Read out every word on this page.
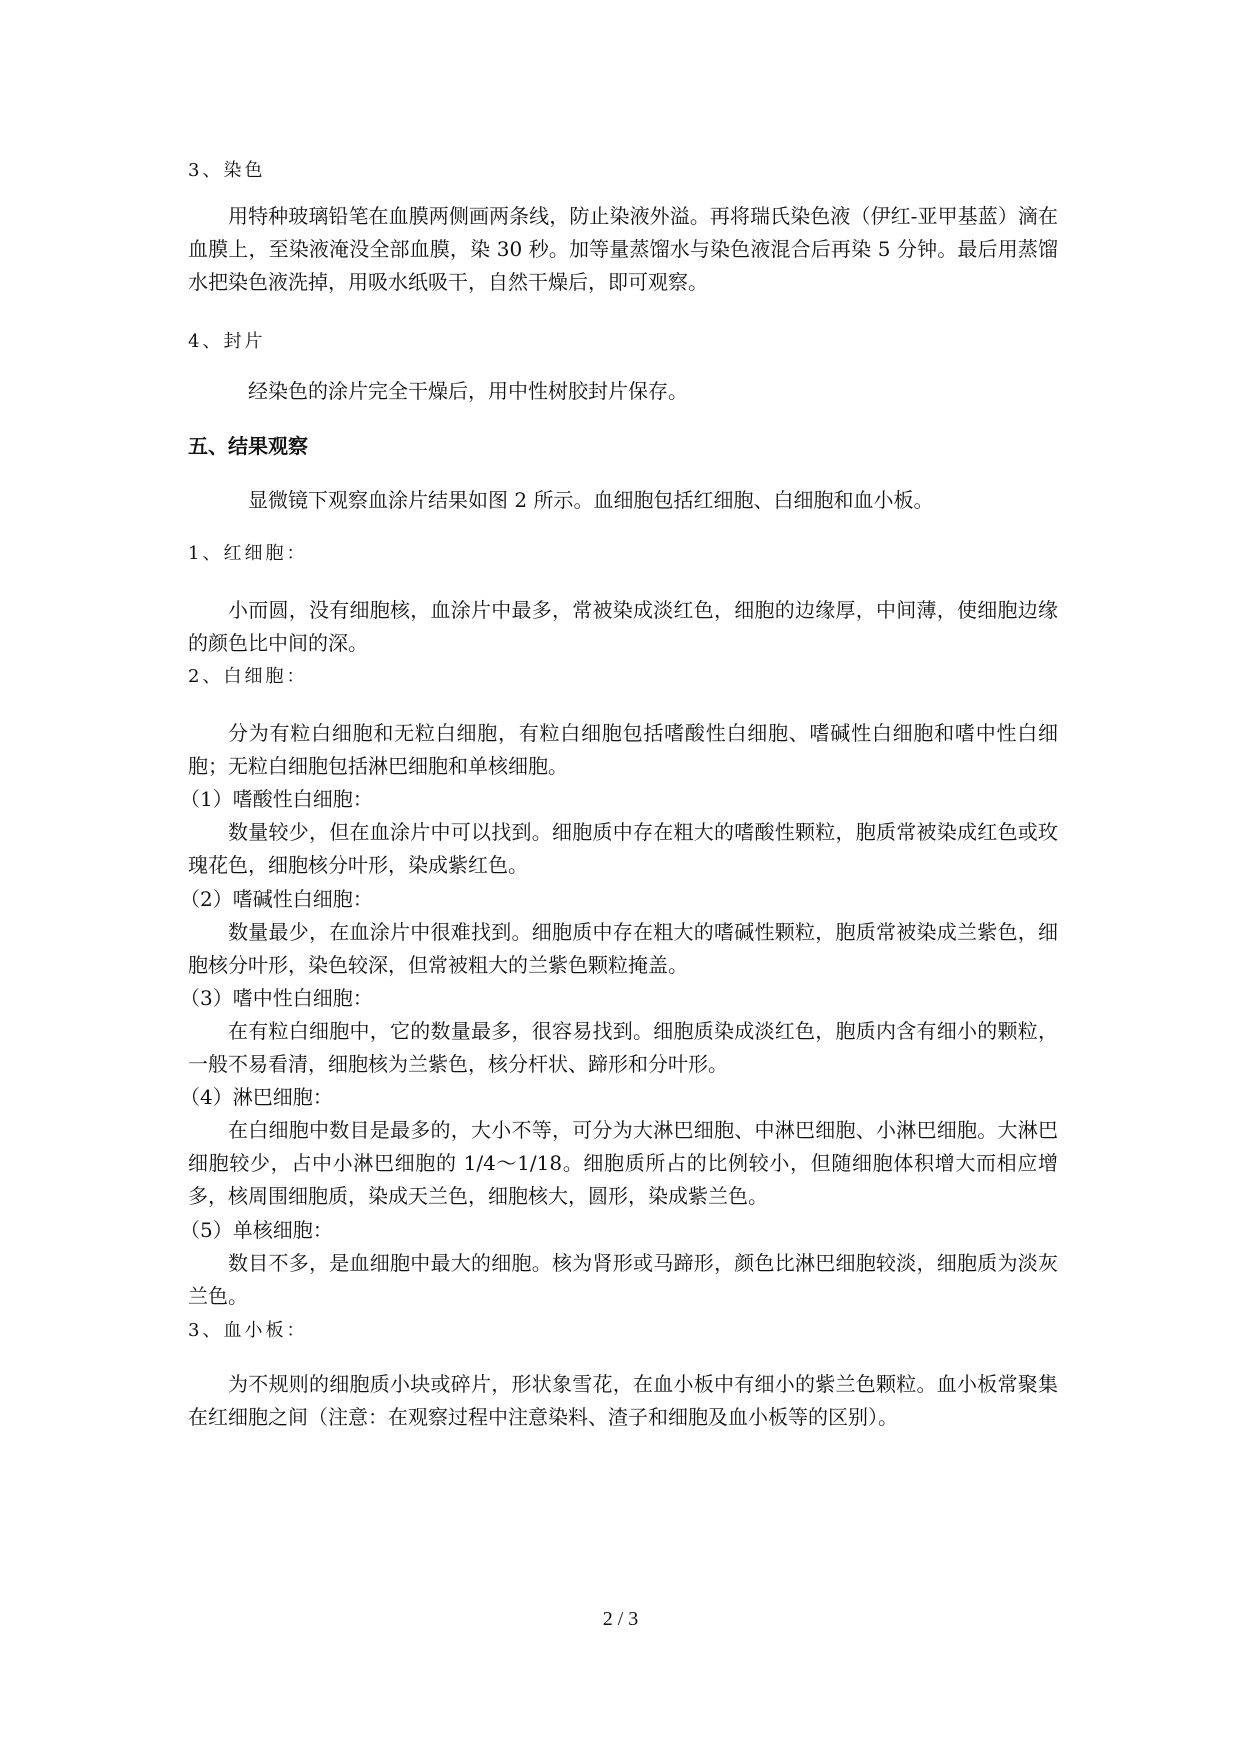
3、染色

用特种玻璃铅笔在血膜两侧画两条线，防止染液外溢。再将瑞氏染色液（伊红-亚甲基蓝）滴在血膜上，至染液淹没全部血膜，染 30 秒。加等量蒸馏水与染色液混合后再染 5 分钟。最后用蒸馏水把染色液洗掉，用吸水纸吸干，自然干燥后，即可观察。

4、封片

经染色的涂片完全干燥后，用中性树胶封片保存。

五、结果观察

显微镜下观察血涂片结果如图 2 所示。血细胞包括红细胞、白细胞和血小板。

1、红细胞：

小而圆，没有细胞核，血涂片中最多，常被染成淡红色，细胞的边缘厚，中间薄，使细胞边缘的颜色比中间的深。

2、白细胞：

分为有粒白细胞和无粒白细胞，有粒白细胞包括嗜酸性白细胞、嗜碱性白细胞和嗜中性白细胞；无粒白细胞包括淋巴细胞和单核细胞。

（1）嗜酸性白细胞：

数量较少，但在血涂片中可以找到。细胞质中存在粗大的嗜酸性颗粒，胞质常被染成红色或玫瑰花色，细胞核分叶形，染成紫红色。

（2）嗜碱性白细胞：

数量最少，在血涂片中很难找到。细胞质中存在粗大的嗜碱性颗粒，胞质常被染成兰紫色，细胞核分叶形，染色较深，但常被粗大的兰紫色颗粒掩盖。

（3）嗜中性白细胞：

在有粒白细胞中，它的数量最多，很容易找到。细胞质染成淡红色，胞质内含有细小的颗粒，一般不易看清，细胞核为兰紫色，核分杆状、蹄形和分叶形。

（4）淋巴细胞：

在白细胞中数目是最多的，大小不等，可分为大淋巴细胞、中淋巴细胞、小淋巴细胞。大淋巴细胞较少，占中小淋巴细胞的 1/4～1/18。细胞质所占的比例较小，但随细胞体积增大而相应增多，核周围细胞质，染成天兰色，细胞核大，圆形，染成紫兰色。

（5）单核细胞：

数目不多，是血细胞中最大的细胞。核为肾形或马蹄形，颜色比淋巴细胞较淡，细胞质为淡灰兰色。

3、血小板：

为不规则的细胞质小块或碎片，形状象雪花，在血小板中有细小的紫兰色颗粒。血小板常聚集在红细胞之间（注意：在观察过程中注意染料、渣子和细胞及血小板等的区别）。

2 / 3
